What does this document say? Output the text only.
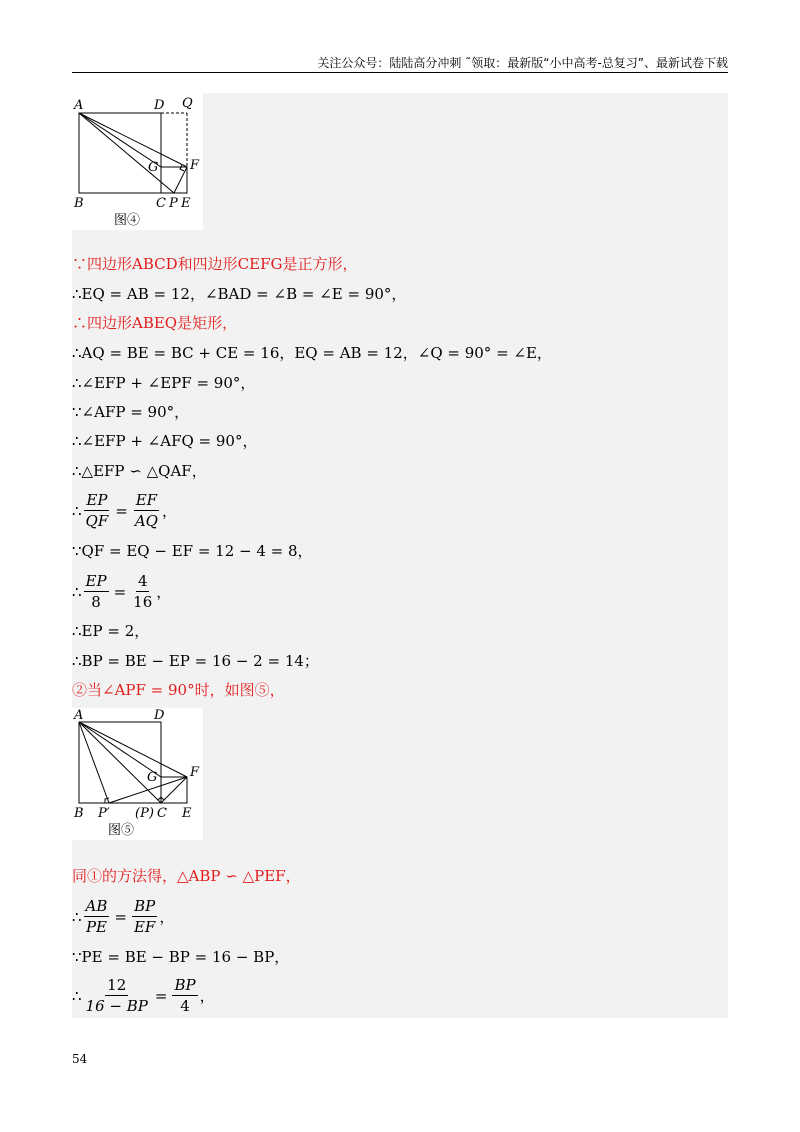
关注公众号：陆陆高分冲刺 ˜领取：最新版“小中高考-总复习”、最新试卷下载
A	D Q
G F
B	C P E
图④
∵四边形ABCD和四边形CEFG是正方形，
∴EQ = AB = 12，∠BAD = ∠B = ∠E = 90°，
∴四边形ABEQ是矩形，
∴AQ = BE = BC + CE = 16，EQ = AB = 12，∠Q = 90° = ∠E，
∴∠EFP + ∠EPF = 90°，
∵∠AFP = 90°，
∴∠EFP + ∠AFQ = 90°，
∴△EFP ∽ △QAF，
∴ $\frac{EP}{QF} = \frac{EF}{AQ}$ ，
∵QF = EQ − EF = 12 − 4 = 8，
∴ $\frac{EP}{8} = \frac{4}{16}$ ，
∴EP = 2，
∴BP = BE − EP = 16 − 2 = 14；
②当∠APF = 90°时，如图⑤，
A	D
G	F
B P′ (P) C E
图⑤
同①的方法得，△ABP ∽ △PEF，
∴ $\frac{AB}{PE} = \frac{BP}{EF}$ ，
∵PE = BE − BP = 16 − BP，
∴ $\frac{12}{16 - BP} = \frac{BP}{4}$ ，
54
